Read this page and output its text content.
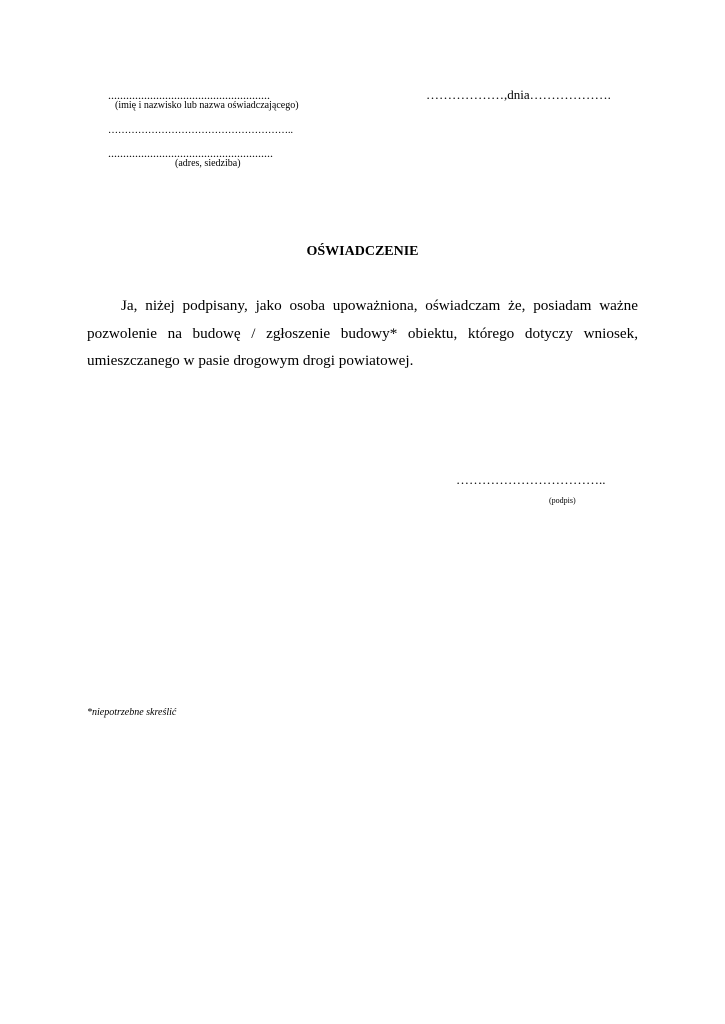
......................................................
(imię i nazwisko lub nazwa oświadczającego)
………………………………………………..
.......................................................
(adres, siedziba)
………………,dnia……………….
OŚWIADCZENIE

Ja, niżej podpisany, jako osoba upoważniona, oświadczam że, posiadam ważne pozwolenie na budowę / zgłoszenie budowy* obiektu, którego dotyczy wniosek, umieszczanego w pasie drogowym drogi powiatowej.

……………………………..
(podpis)
*niepotrzebne skreślić
